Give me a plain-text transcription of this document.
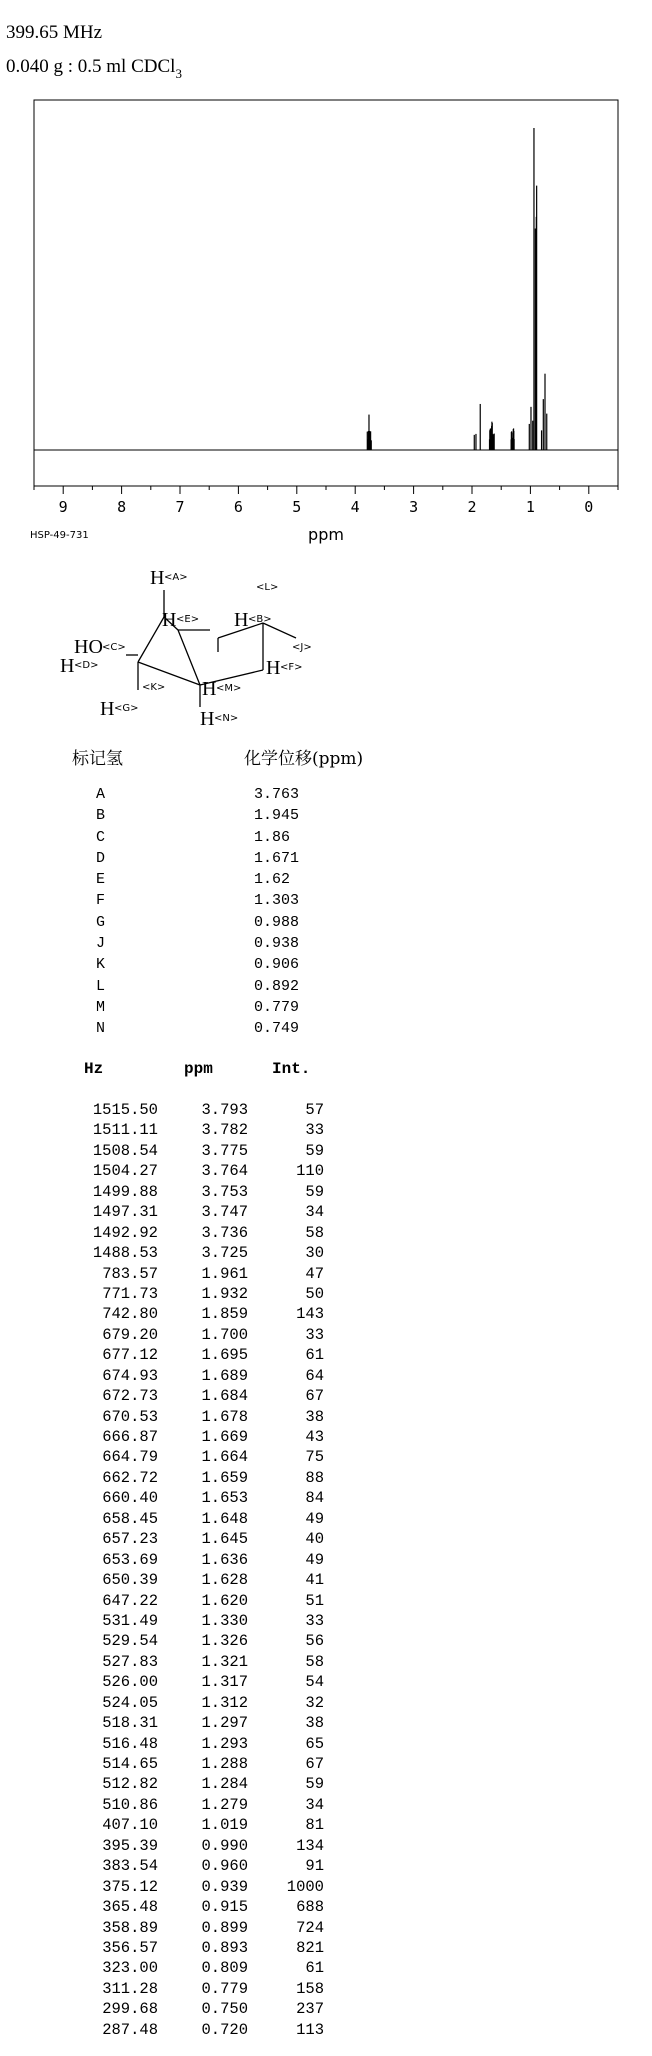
399.65 MHz
0.040 g : 0.5 ml CDCl$_3$
9	8	7	6	5	4	3	2	1	0
ppm
HSP-49-731
H <A>
H <E> H <B>
<L>
<J>
HO <C>
H <D>	H <F>
<K> H <M>
H <G>	H <N>
标记氢	化学位移(ppm)
A	3.763
B	1.945
C	1.86
D	1.671
E	1.62
F	1.303
G	0.988
J	0.938
K	0.906
L	0.892
M	0.779
N	0.749
Hz	ppm	Int.
1515.50	3.793	57
1511.11	3.782	33
1508.54	3.775	59
1504.27	3.764	110
1499.88	3.753	59
1497.31	3.747	34
1492.92	3.736	58
1488.53	3.725	30
783.57	1.961	47
771.73	1.932	50
742.80	1.859	143
679.20	1.700	33
677.12	1.695	61
674.93	1.689	64
672.73	1.684	67
670.53	1.678	38
666.87	1.669	43
664.79	1.664	75
662.72	1.659	88
660.40	1.653	84
658.45	1.648	49
657.23	1.645	40
653.69	1.636	49
650.39	1.628	41
647.22	1.620	51
531.49	1.330	33
529.54	1.326	56
527.83	1.321	58
526.00	1.317	54
524.05	1.312	32
518.31	1.297	38
516.48	1.293	65
514.65	1.288	67
512.82	1.284	59
510.86	1.279	34
407.10	1.019	81
395.39	0.990	134
383.54	0.960	91
375.12	0.939	1000
365.48	0.915	688
358.89	0.899	724
356.57	0.893	821
323.00	0.809	61
311.28	0.779	158
299.68	0.750	237
287.48	0.720	113
